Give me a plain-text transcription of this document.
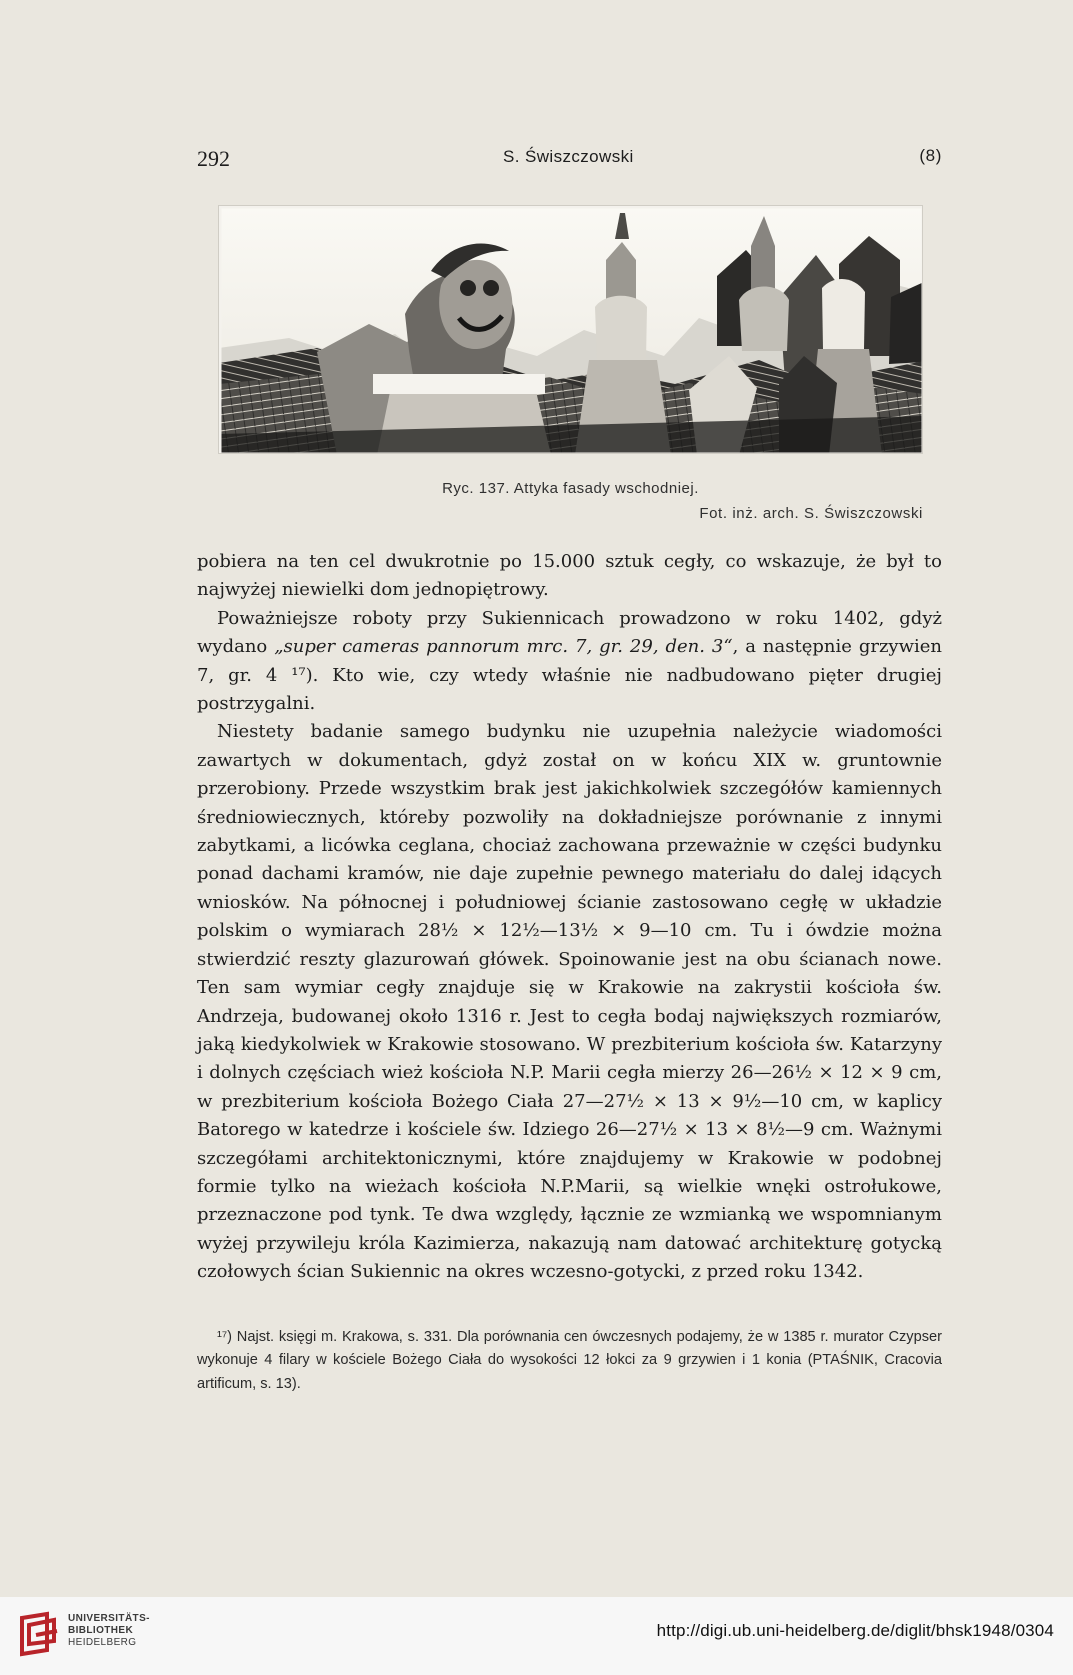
292	S. Świszczowski	(8)
Ryc. 137. Attyka fasady wschodniej.
Fot. inż. arch. S. Świszczowski

pobiera na ten cel dwukrotnie po 15.000 sztuk cegły, co wskazuje, że był to najwyżej niewielki dom jednopiętrowy.

Poważniejsze roboty przy Sukiennicach prowadzono w roku 1402, gdyż wydano „super cameras pannorum mrc. 7, gr. 29, den. 3“, a następnie grzywien 7, gr. 4 ¹⁷). Kto wie, czy wtedy właśnie nie nadbudowano pięter drugiej postrzygalni.

Niestety badanie samego budynku nie uzupełnia należycie wiadomości zawartych w dokumentach, gdyż został on w końcu XIX w. gruntownie przerobiony. Przede wszystkim brak jest jakichkolwiek szczegółów kamiennych średniowiecznych, któreby pozwoliły na dokładniejsze porównanie z innymi zabytkami, a licówka ceglana, chociaż zachowana przeważnie w części budynku ponad dachami kramów, nie daje zupełnie pewnego materiału do dalej idących wniosków. Na północnej i południowej ścianie zastosowano cegłę w układzie polskim o wymiarach 28½ × 12½—13½ × 9—10 cm. Tu i ówdzie można stwierdzić reszty glazurowań główek. Spoinowanie jest na obu ścianach nowe. Ten sam wymiar cegły znajduje się w Krakowie na zakrystii kościoła św. Andrzeja, budowanej około 1316 r. Jest to cegła bodaj największych rozmiarów, jaką kiedykolwiek w Krakowie stosowano. W prezbiterium kościoła św. Katarzyny i dolnych częściach wież kościoła N.P. Marii cegła mierzy 26—26½ × 12 × 9 cm, w prezbiterium kościoła Bożego Ciała 27—27½ × 13 × 9½—10 cm, w kaplicy Batorego w katedrze i kościele św. Idziego 26—27½ × 13 × 8½—9 cm. Ważnymi szczegółami architektonicznymi, które znajdujemy w Krakowie w podobnej formie tylko na wieżach kościoła N.P.Marii, są wielkie wnęki ostrołukowe, przeznaczone pod tynk. Te dwa względy, łącznie ze wzmianką we wspomnianym wyżej przywileju króla Kazimierza, nakazują nam datować architekturę gotycką czołowych ścian Sukiennic na okres wczesno-gotycki, z przed roku 1342.

¹⁷) Najst. księgi m. Krakowa, s. 331. Dla porównania cen ówczesnych podajemy, że w 1385 r. murator Czypser wykonuje 4 filary w kościele Bożego Ciała do wysokości 12 łokci za 9 grzywien i 1 konia (PTAŚNIK, Cracovia artificum, s. 13).

UNIVERSITÄTS-
BIBLIOTHEK
HEIDELBERG
http://digi.ub.uni-heidelberg.de/diglit/bhsk1948/0304
